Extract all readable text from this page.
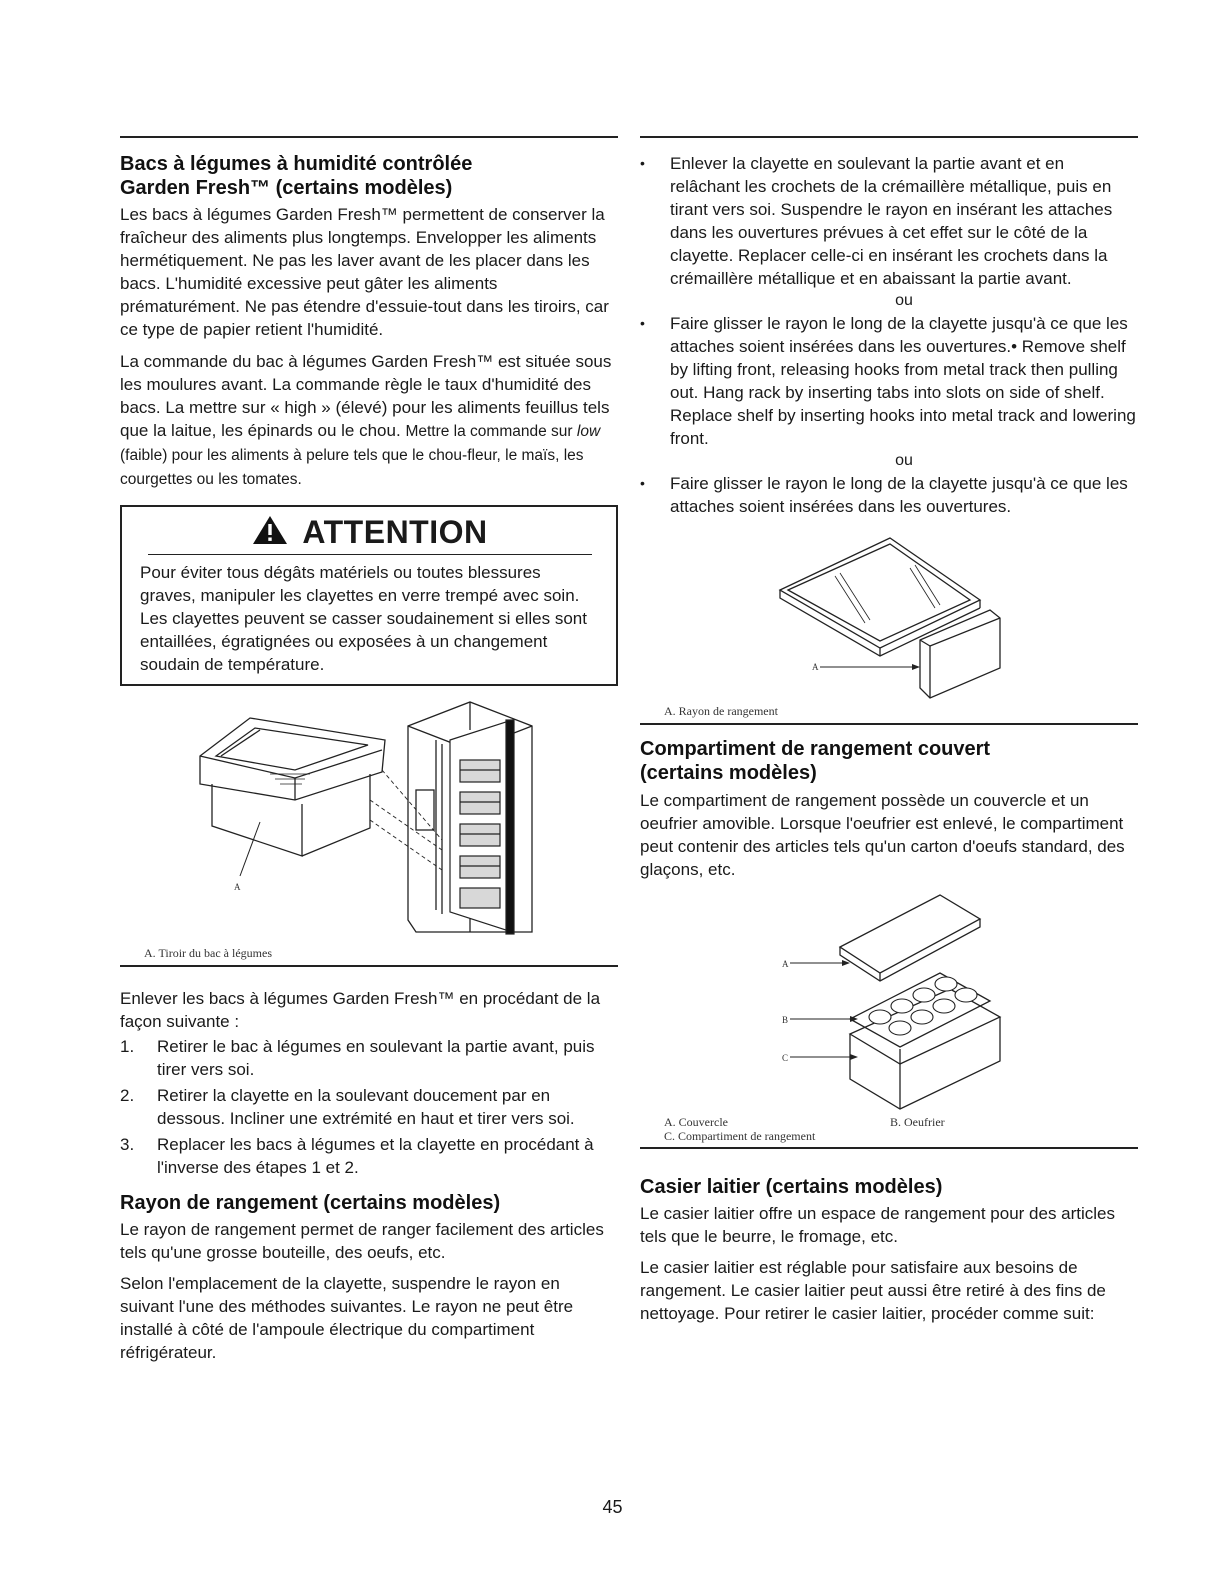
Bacs à légumes à humidité contrôlée
Garden Fresh™ (certains modèles)

Les bacs à légumes Garden Fresh™ permettent de conserver la fraîcheur des aliments plus longtemps. Envelopper les aliments hermétiquement. Ne pas les laver avant de les placer dans les bacs. L'humidité excessive peut gâter les aliments prématurément. Ne pas étendre d'essuie-tout dans les tiroirs, car ce type de papier retient l'humidité.

La commande du bac à légumes Garden Fresh™ est située sous les moulures avant. La commande règle le taux d'humidité des bacs. La mettre sur « high » (élevé) pour les aliments feuillus tels que la laitue, les épinards ou le chou. Mettre la commande sur low (faible) pour les aliments à pelure tels que le chou-fleur, le maïs, les courgettes ou les tomates.

ATTENTION

Pour éviter tous dégâts matériels ou toutes blessures graves, manipuler les clayettes en verre trempé avec soin. Les clayettes peuvent se casser soudainement si elles sont entaillées, égratignées ou exposées à un changement soudain de température.

A
A. Tiroir du bac à légumes

Enlever les bacs à légumes Garden Fresh™ en procédant de la façon suivante :

1. Retirer le bac à légumes en soulevant la partie avant, puis tirer vers soi.
2. Retirer la clayette en la soulevant doucement par en dessous. Incliner une extrémité en haut et tirer vers soi.
3. Replacer les bacs à légumes et la clayette en procédant à l'inverse des étapes 1 et 2.
Rayon de rangement (certains modèles)

Le rayon de rangement permet de ranger facilement des articles tels qu'une grosse bouteille, des oeufs, etc.

Selon l'emplacement de la clayette, suspendre le rayon en suivant l'une des méthodes suivantes. Le rayon ne peut être installé à côté de l'ampoule électrique du compartiment réfrigérateur.

• Enlever la clayette en soulevant la partie avant et en relâchant les crochets de la crémaillère métallique, puis en tirant vers soi. Suspendre le rayon en insérant les attaches dans les ouvertures prévues à cet effet sur le côté de la clayette. Replacer celle-ci en insérant les crochets dans la crémaillère métallique et en abaissant la partie avant.
ou
• Faire glisser le rayon le long de la clayette jusqu'à ce que les attaches soient insérées dans les ouvertures.• Remove shelf by lifting front, releasing hooks from metal track then pulling out. Hang rack by inserting tabs into slots on side of shelf. Replace shelf by inserting hooks into metal track and lowering front.
ou
• Faire glisser le rayon le long de la clayette jusqu'à ce que les attaches soient insérées dans les ouvertures.
A
A. Rayon de rangement
Compartiment de rangement couvert
(certains modèles)

Le compartiment de rangement possède un couvercle et un oeufrier amovible. Lorsque l'oeufrier est enlevé, le compartiment peut contenir des articles tels qu'un carton d'oeufs standard, des glaçons, etc.

A
B
C
A. Couvercle	B. Oeufrier
C. Compartiment de rangement
Casier laitier (certains modèles)

Le casier laitier offre un espace de rangement pour des articles tels que le beurre, le fromage, etc.

Le casier laitier est réglable pour satisfaire aux besoins de rangement. Le casier laitier peut aussi être retiré à des fins de nettoyage. Pour retirer le casier laitier, procéder comme suit:

45
